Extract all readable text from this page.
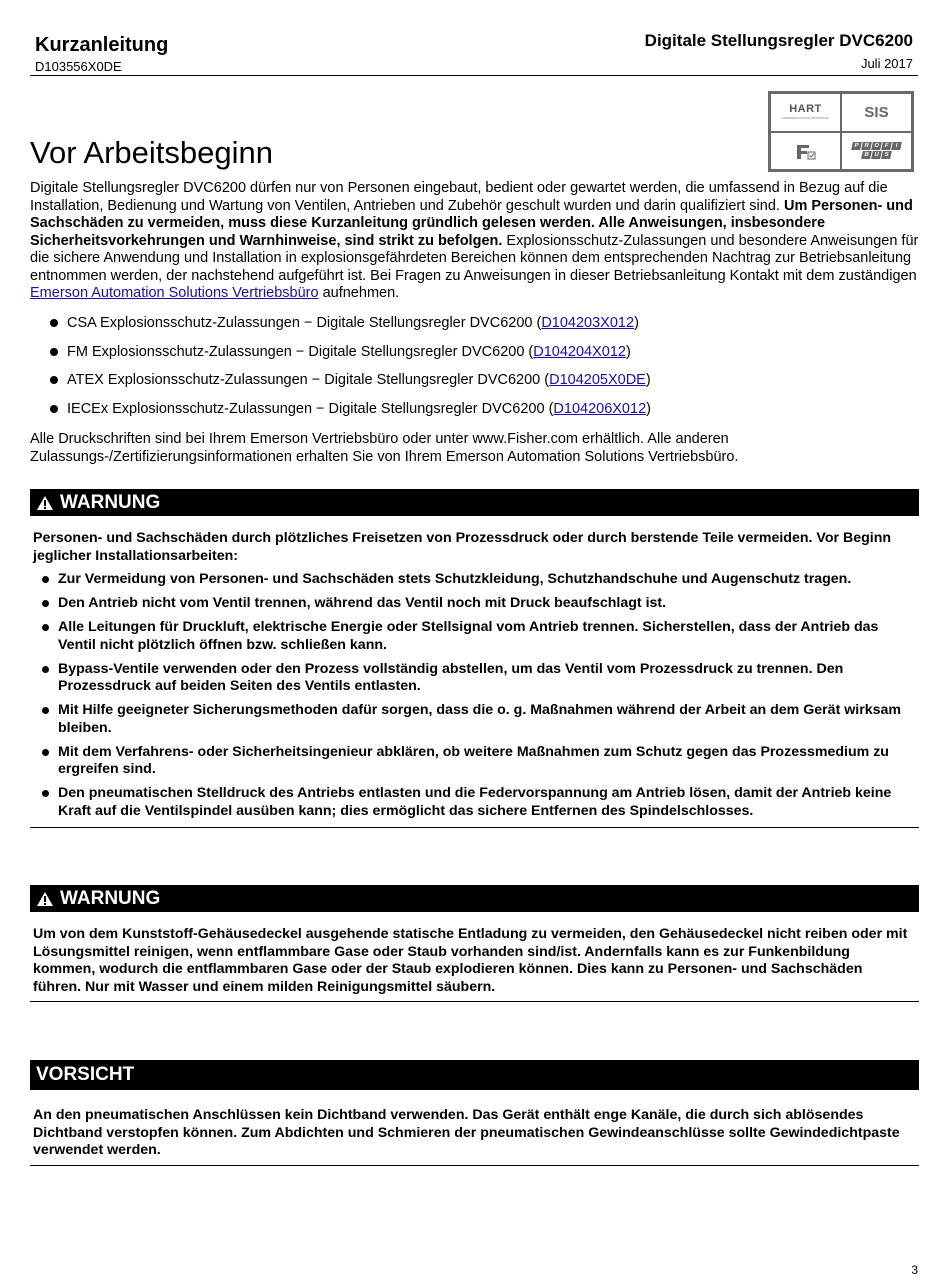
Kurzanleitung
D103556X0DE
Digitale Stellungsregler DVC6200
Juli 2017
HART
COMMUNICATION PROTOCOL SIS
P R O F	I
B U S
Vor Arbeitsbeginn
Digitale Stellungsregler DVC6200 dürfen nur von Personen eingebaut, bedient oder gewartet werden, die umfassend in Bezug auf die Installation, Bedienung und Wartung von Ventilen, Antrieben und Zubehör geschult wurden und darin qualifiziert sind. Um Personen- und Sachschäden zu vermeiden, muss diese Kurzanleitung gründlich gelesen werden. Alle Anweisungen, insbesondere Sicherheitsvorkehrungen und Warnhinweise, sind strikt zu befolgen. Explosionsschutz-Zulassungen und besondere Anweisungen für die sichere Anwendung und Installation in explosionsgefährdeten Bereichen können dem entsprechenden Nachtrag zur Betriebsanleitung entnommen werden, der nachstehend aufgeführt ist. Bei Fragen zu Anweisungen in dieser Betriebsanleitung Kontakt mit dem zuständigen Emerson Automation Solutions Vertriebsbüro aufnehmen.
CSA Explosionsschutz-Zulassungen − Digitale Stellungsregler DVC6200 (D104203X012)
FM Explosionsschutz-Zulassungen − Digitale Stellungsregler DVC6200 (D104204X012)
ATEX Explosionsschutz-Zulassungen − Digitale Stellungsregler DVC6200 (D104205X0DE)
IECEx Explosionsschutz-Zulassungen − Digitale Stellungsregler DVC6200 (D104206X012)
Alle Druckschriften sind bei Ihrem Emerson Vertriebsbüro oder unter www.Fisher.com erhältlich. Alle anderen Zulassungs-/Zertifizierungsinformationen erhalten Sie von Ihrem Emerson Automation Solutions Vertriebsbüro.
WARNUNG
Personen- und Sachschäden durch plötzliches Freisetzen von Prozessdruck oder durch berstende Teile vermeiden. Vor Beginn jeglicher Installationsarbeiten:
Zur Vermeidung von Personen- und Sachschäden stets Schutzkleidung, Schutzhandschuhe und Augenschutz tragen.
Den Antrieb nicht vom Ventil trennen, während das Ventil noch mit Druck beaufschlagt ist.
Alle Leitungen für Druckluft, elektrische Energie oder Stellsignal vom Antrieb trennen. Sicherstellen, dass der Antrieb das Ventil nicht plötzlich öffnen bzw. schließen kann.
Bypass-Ventile verwenden oder den Prozess vollständig abstellen, um das Ventil vom Prozessdruck zu trennen. Den Prozessdruck auf beiden Seiten des Ventils entlasten.
Mit Hilfe geeigneter Sicherungsmethoden dafür sorgen, dass die o. g. Maßnahmen während der Arbeit an dem Gerät wirksam bleiben.
Mit dem Verfahrens- oder Sicherheitsingenieur abklären, ob weitere Maßnahmen zum Schutz gegen das Prozessmedium zu ergreifen sind.
Den pneumatischen Stelldruck des Antriebs entlasten und die Federvorspannung am Antrieb lösen, damit der Antrieb keine Kraft auf die Ventilspindel ausüben kann; dies ermöglicht das sichere Entfernen des Spindelschlosses.
WARNUNG
Um von dem Kunststoff-Gehäusedeckel ausgehende statische Entladung zu vermeiden, den Gehäusedeckel nicht reiben oder mit Lösungsmittel reinigen, wenn entflammbare Gase oder Staub vorhanden sind/ist. Andernfalls kann es zur Funkenbildung kommen, wodurch die entflammbaren Gase oder der Staub explodieren können. Dies kann zu Personen- und Sachschäden führen. Nur mit Wasser und einem milden Reinigungsmittel säubern.
VORSICHT
An den pneumatischen Anschlüssen kein Dichtband verwenden. Das Gerät enthält enge Kanäle, die durch sich ablösendes Dichtband verstopfen können. Zum Abdichten und Schmieren der pneumatischen Gewindeanschlüsse sollte Gewindedichtpaste verwendet werden.
3
